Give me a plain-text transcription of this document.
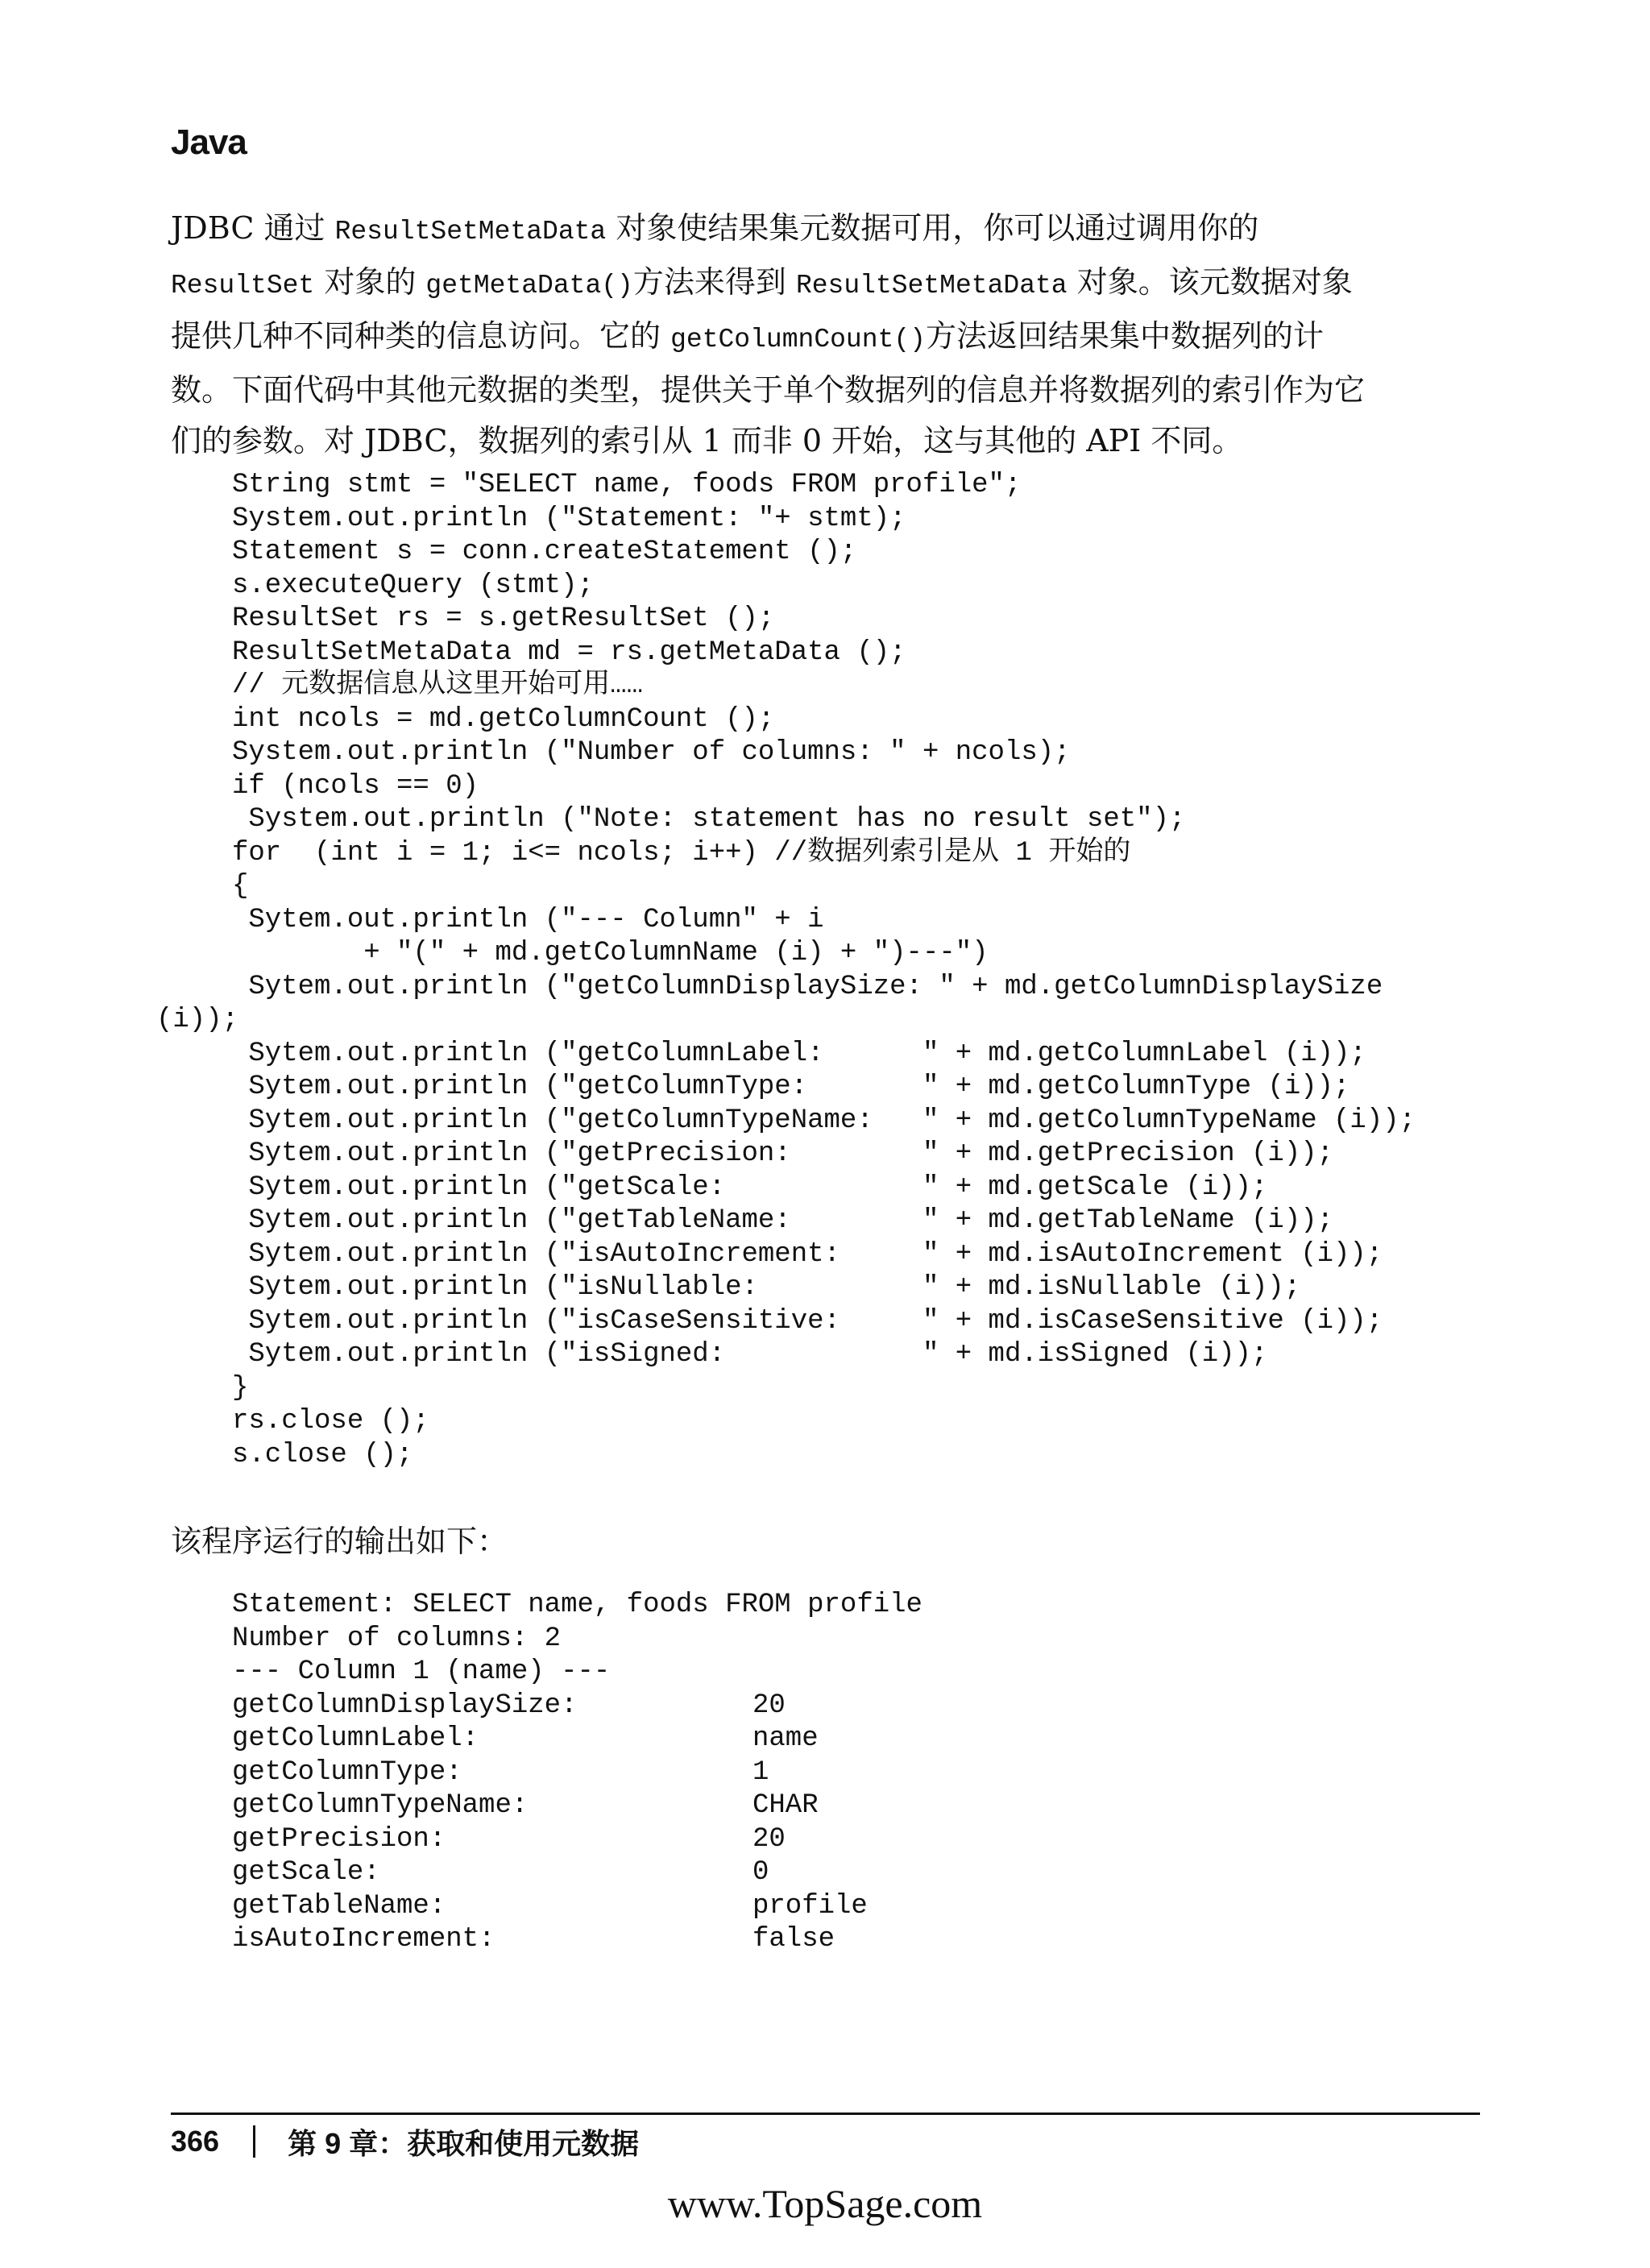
Java
JDBC 通过 ResultSetMetaData 对象使结果集元数据可用，你可以通过调用你的
ResultSet 对象的 getMetaData()方法来得到 ResultSetMetaData 对象。该元数据对象
提供几种不同种类的信息访问。它的 getColumnCount()方法返回结果集中数据列的计
数。下面代码中其他元数据的类型，提供关于单个数据列的信息并将数据列的索引作为它
们的参数。对 JDBC，数据列的索引从 1 而非 0 开始，这与其他的 API 不同。
String stmt = "SELECT name, foods FROM profile";
System.out.println ("Statement: "+ stmt);
Statement s = conn.createStatement ();
s.executeQuery (stmt);
ResultSet rs = s.getResultSet ();
ResultSetMetaData md = rs.getMetaData ();
// 元数据信息从这里开始可用……
int ncols = md.getColumnCount ();
System.out.println ("Number of columns: " + ncols);
if (ncols == 0)
System.out.println ("Note: statement has no result set");
for  (int i = 1; i<= ncols; i++) //数据列索引是从 1 开始的
{
Sytem.out.println ("--- Column" + i
+ "(" + md.getColumnName (i) + ")---")
Sytem.out.println ("getColumnDisplaySize: " + md.getColumnDisplaySize
(i));
Sytem.out.println ("getColumnLabel:      " + md.getColumnLabel (i));
Sytem.out.println ("getColumnType:       " + md.getColumnType (i));
Sytem.out.println ("getColumnTypeName:   " + md.getColumnTypeName (i));
Sytem.out.println ("getPrecision:        " + md.getPrecision (i));
Sytem.out.println ("getScale:            " + md.getScale (i));
Sytem.out.println ("getTableName:        " + md.getTableName (i));
Sytem.out.println ("isAutoIncrement:     " + md.isAutoIncrement (i));
Sytem.out.println ("isNullable:          " + md.isNullable (i));
Sytem.out.println ("isCaseSensitive:     " + md.isCaseSensitive (i));
Sytem.out.println ("isSigned:            " + md.isSigned (i));
}
rs.close ();
s.close ();
该程序运行的输出如下：
Statement: SELECT name, foods FROM profile
Number of columns: 2
--- Column 1 (name) ---
getColumnDisplaySize:	20
getColumnLabel:	name
getColumnType:	1
getColumnTypeName:	CHAR
getPrecision:	20
getScale:	0
getTableName:	profile
isAutoIncrement:	false
366 第 9 章：获取和使用元数据
www.TopSage.com
